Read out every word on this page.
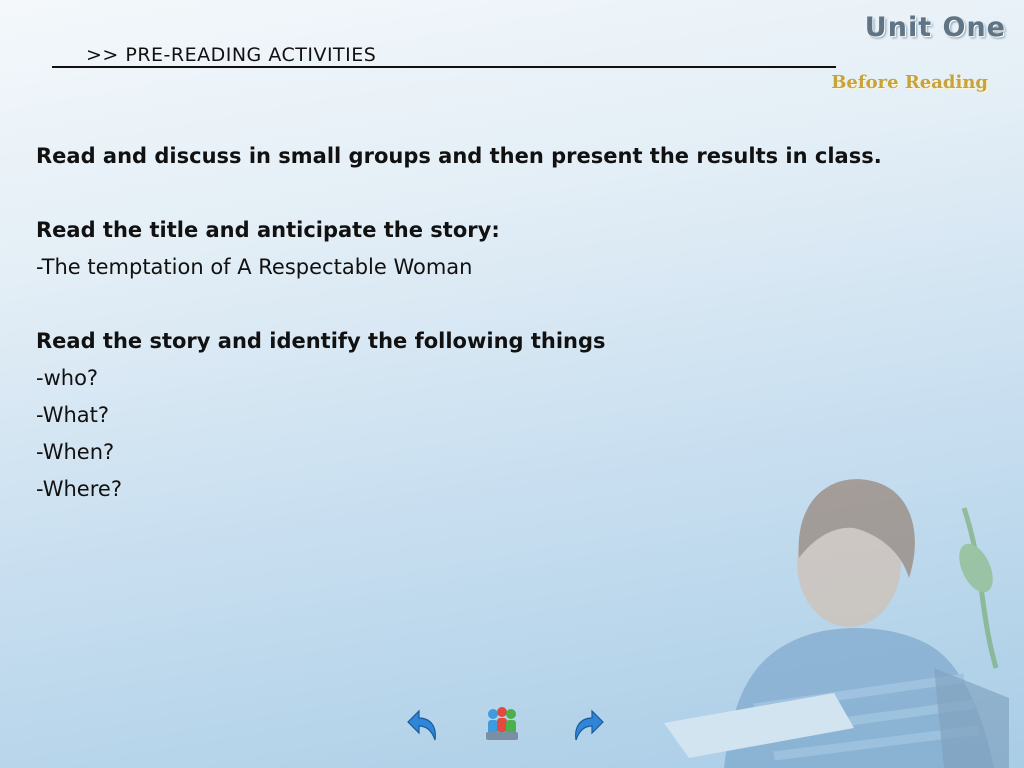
>> PRE-READING ACTIVITIES
Unit One
Before Reading
Read and discuss in small groups and then present the results in class.
Read the title and anticipate the story:
-The temptation of A Respectable Woman
Read the story and identify the following things
-who?
-What?
-When?
-Where?
